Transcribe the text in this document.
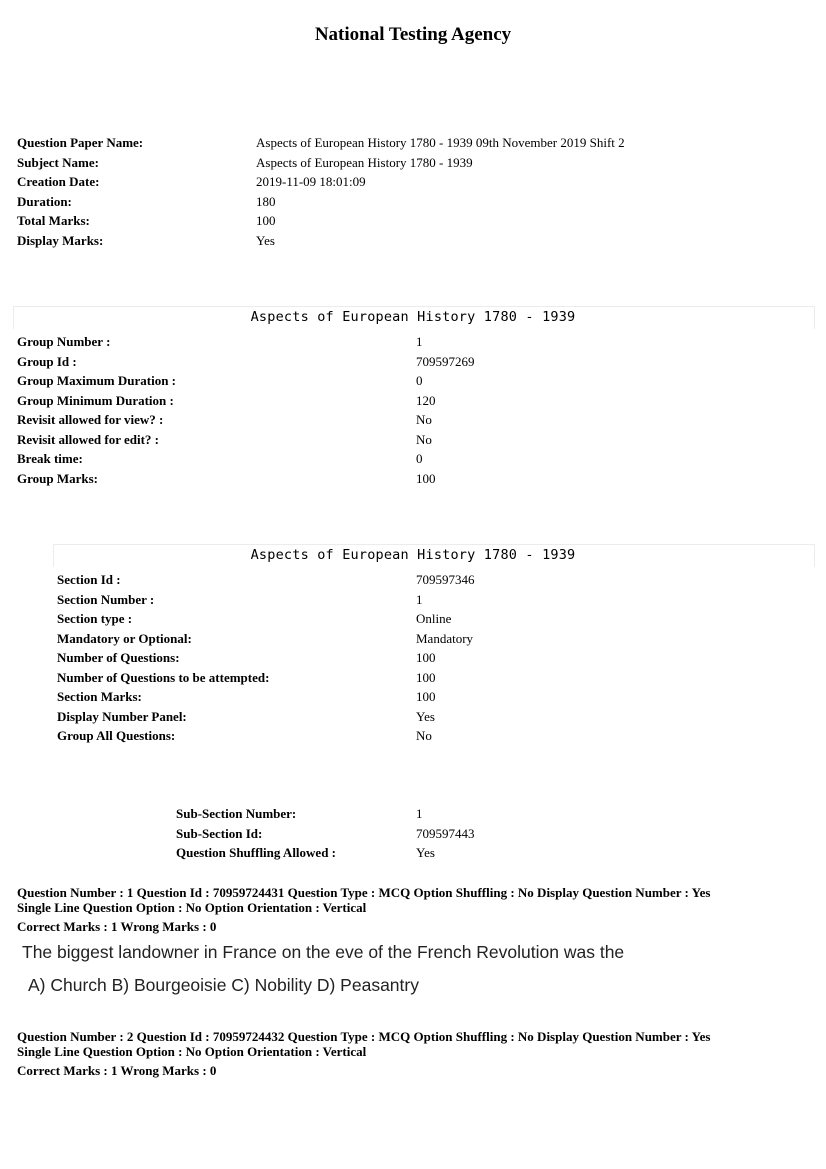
National Testing Agency
Question Paper Name:	Aspects of European History 1780 - 1939 09th November 2019 Shift 2
Subject Name:	Aspects of European History 1780 - 1939
Creation Date:	2019-11-09 18:01:09
Duration:	180
Total Marks:	100
Display Marks:	Yes
Aspects of European History 1780 - 1939
Group Number :	1
Group Id :	709597269
Group Maximum Duration :	0
Group Minimum Duration :	120
Revisit allowed for view? :	No
Revisit allowed for edit? :	No
Break time:	0
Group Marks:	100
Aspects of European History 1780 - 1939
Section Id :	709597346
Section Number :	1
Section type :	Online
Mandatory or Optional:	Mandatory
Number of Questions:	100
Number of Questions to be attempted:	100
Section Marks:	100
Display Number Panel:	Yes
Group All Questions:	No
Sub-Section Number:	1
Sub-Section Id:	709597443
Question Shuffling Allowed :	Yes
Question Number : 1 Question Id : 70959724431 Question Type : MCQ Option Shuffling : No Display Question Number : Yes
Single Line Question Option : No Option Orientation : Vertical
Correct Marks : 1 Wrong Marks : 0
The biggest landowner in France on the eve of the French Revolution was the
A) Church B) Bourgeoisie C) Nobility D) Peasantry
Question Number : 2 Question Id : 70959724432 Question Type : MCQ Option Shuffling : No Display Question Number : Yes
Single Line Question Option : No Option Orientation : Vertical
Correct Marks : 1 Wrong Marks : 0
